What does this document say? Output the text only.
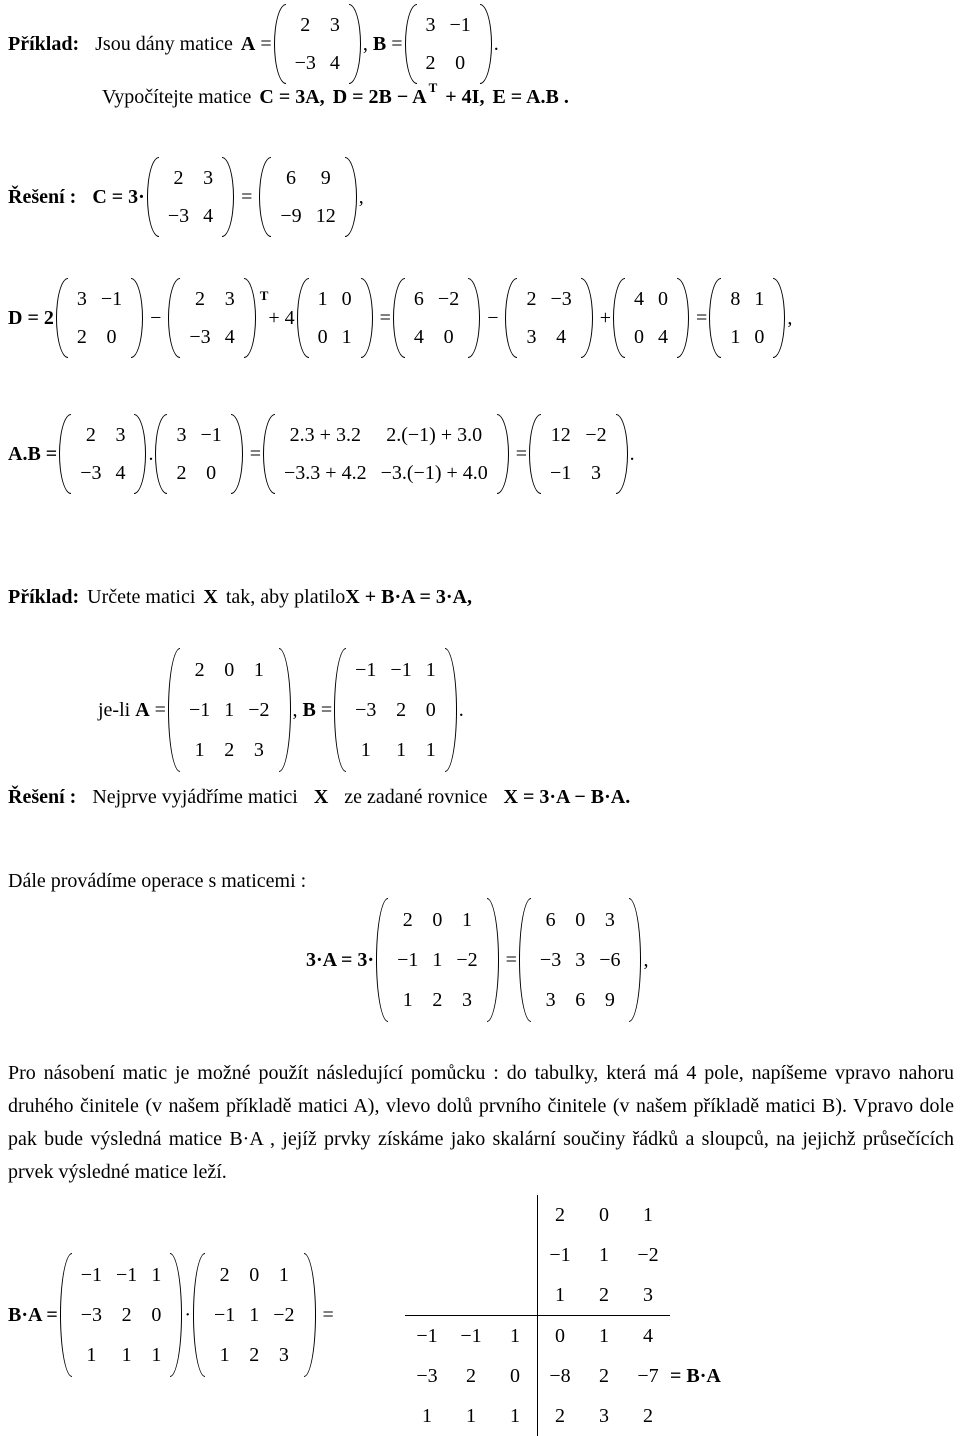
Příklad: Jsou dány matice A =
2	3
−3	4
, B =
3	−1
2	0
.
Vypočítejte matice C = 3A, D = 2B − A T + 4I, E = A.B .
Řešení : C = 3·
2	3
−3	4
=
6	9
−9	12
,
D = 2
3	−1
2	0
−
2	3
−3	4
T
+ 4
1	0
0	1
=
6	−2
4	0
−
2	−3
3	4
+
4	0
0	4
=
8	1
1	0
,
A.B =
2	3
−3	4
.
3	−1
2	0
=
2.3 + 3.2	2.(−1) + 3.0
−3.3 + 4.2	−3.(−1) + 4.0
=
12	−2
−1	3
.
Příklad: Určete matici X tak, aby platilo X + B·A = 3·A,
je-li A =
2	0	1
−1	1	−2
1	2	3
, B =
−1	−1	1
−3	2	0
1	1	1
.
Řešení : Nejprve vyjádříme matici X ze zadané rovnice X = 3·A − B·A.
Dále provádíme operace s maticemi :
3·A = 3·
2	0	1
−1	1	−2
1	2	3
=
6	0	3
−3	3	−6
3	6	9
,
Pro násobení matic je možné použít následující pomůcku : do tabulky, která má 4 pole, napíšeme vpravo nahoru druhého činitele (v našem příkladě matici A), vlevo dolů prvního činitele (v našem příkladě matici B). Vpravo dole pak bude výsledná matice B·A , jejíž prvky získáme jako skalární součiny řádků a sloupců, na jejichž průsečících prvek výsledné matice leží.
B·A =
−1	−1	1
−3	2	0
1	1	1
·
2	0	1
−1	1	−2
1	2	3
=
			2	0	1	
			−1	1	−2	
			1	2	3	
−1	−1	1	0	1	4	
−3	2	0	−8	2	−7	= B·A
1	1	1	2	3	2	
